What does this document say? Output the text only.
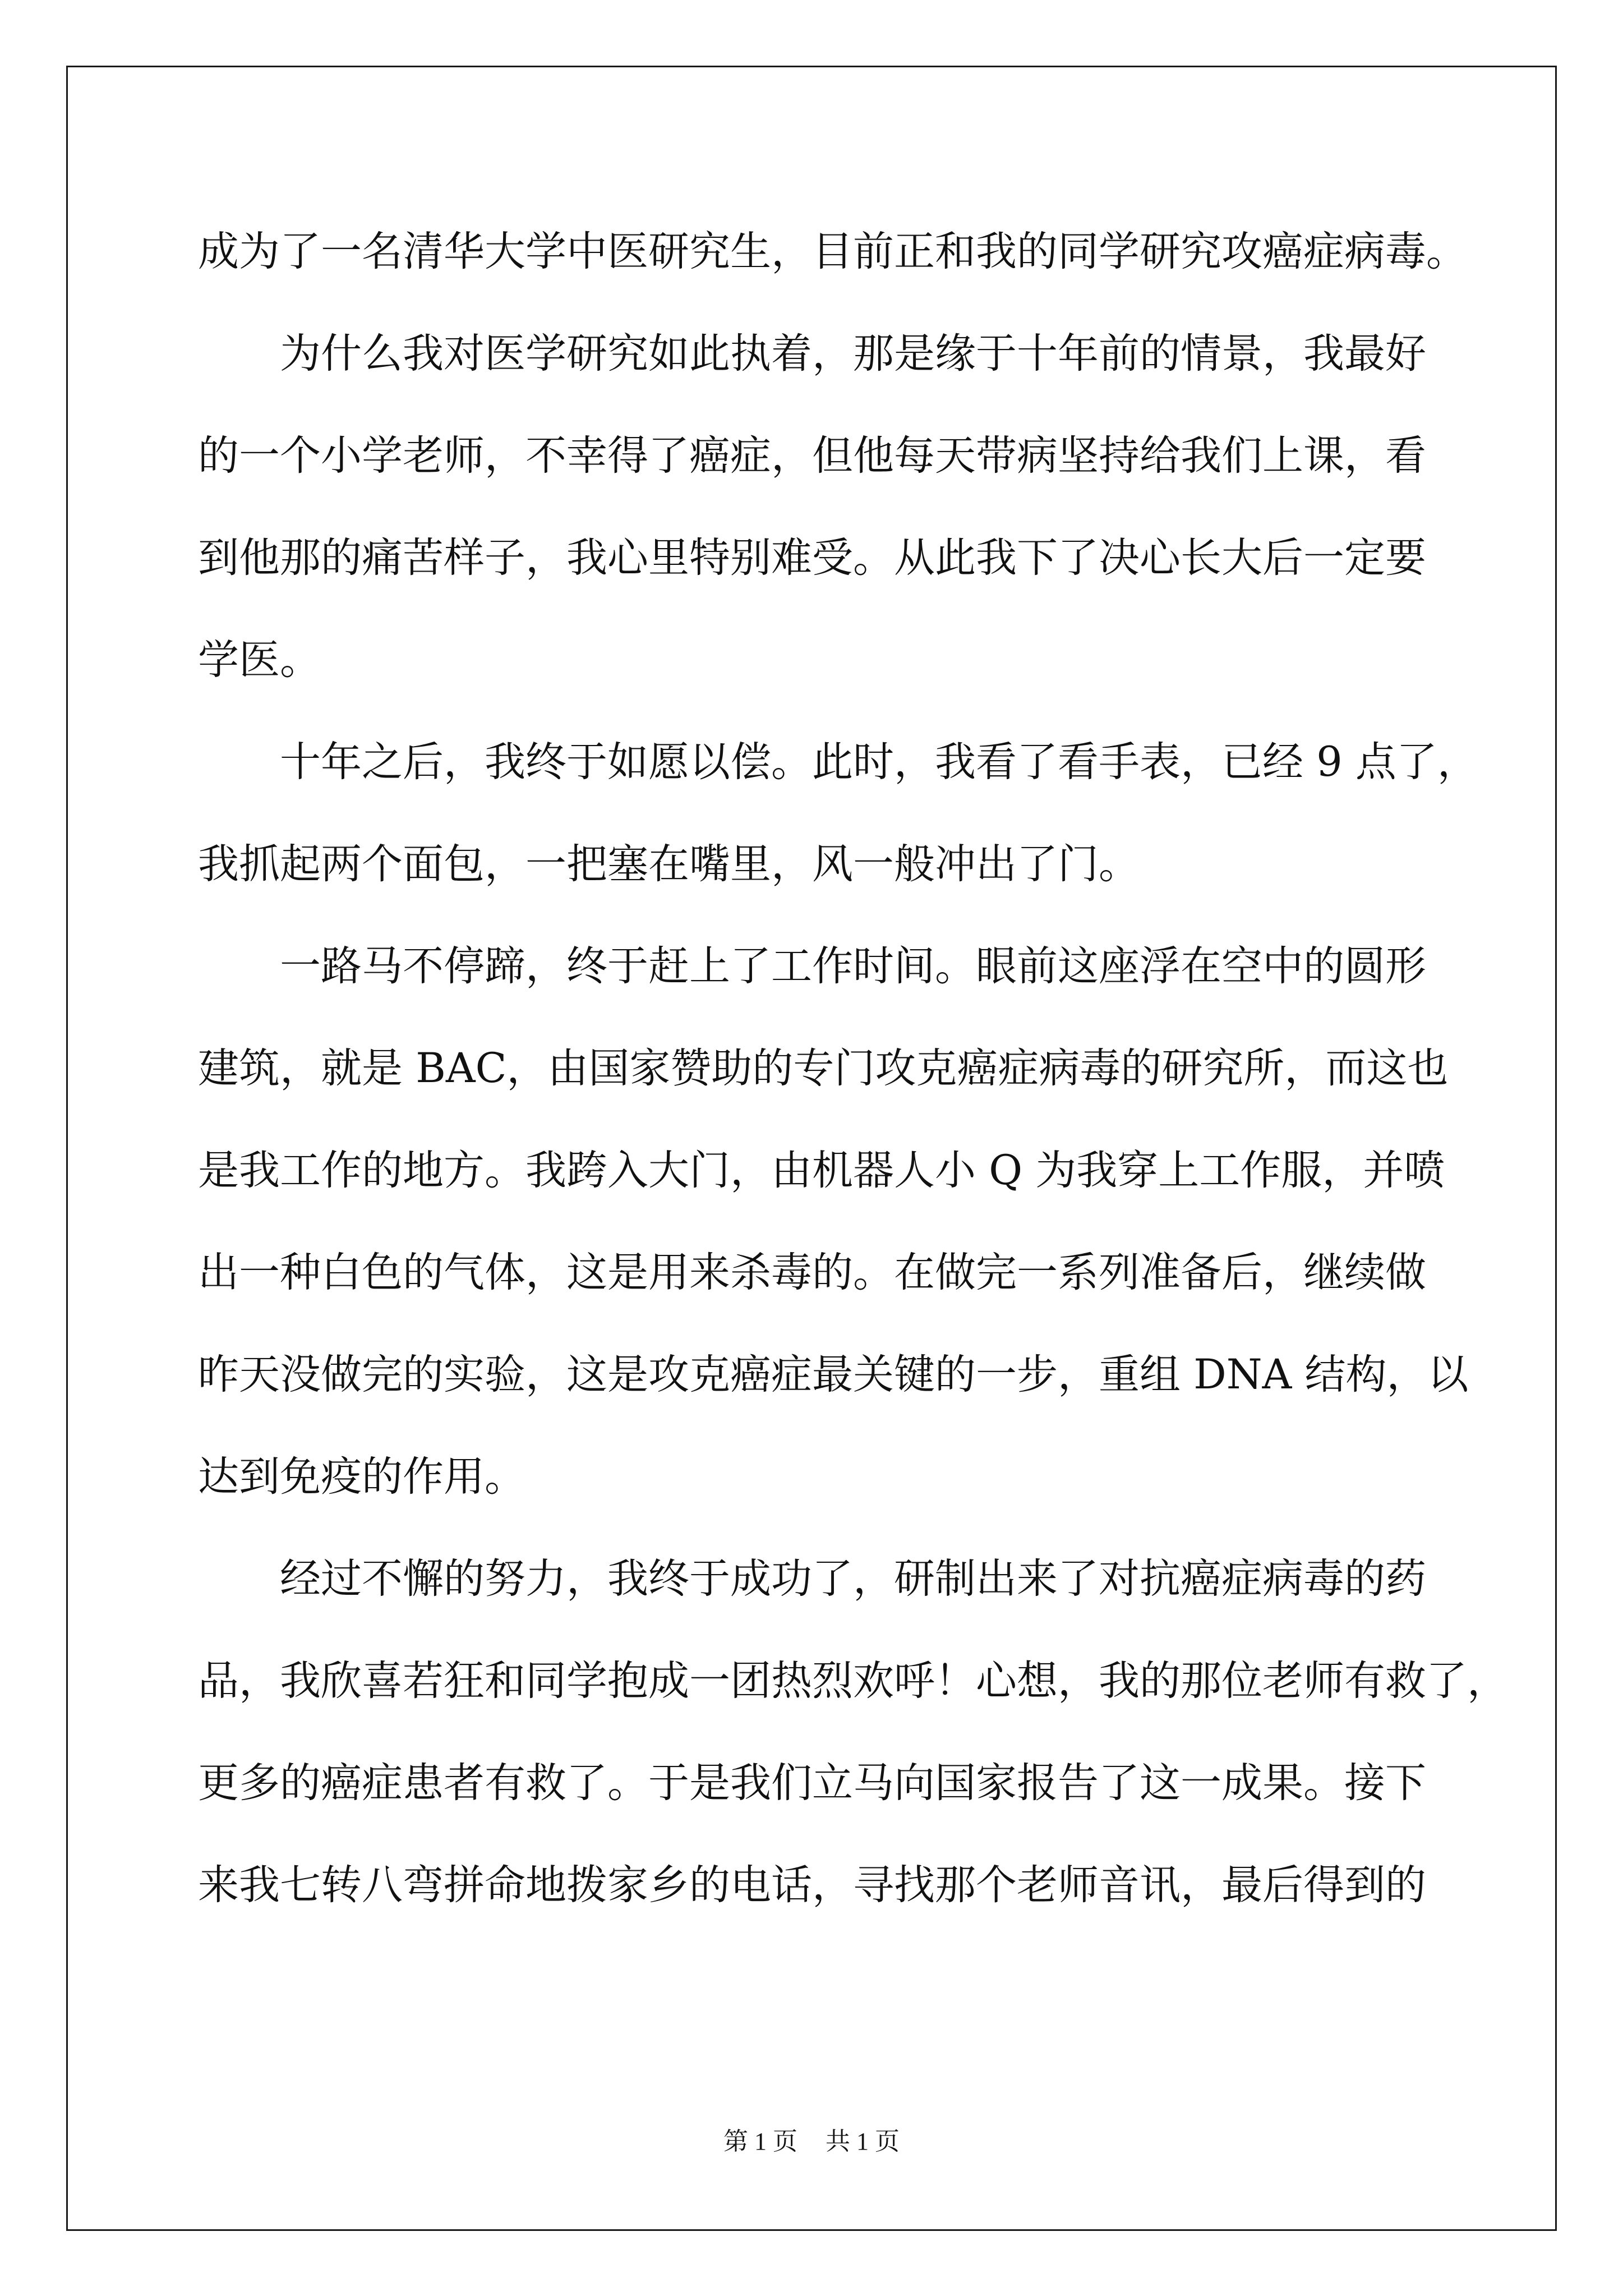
成为了一名清华大学中医研究生，目前正和我的同学研究攻癌症病毒。
为什么我对医学研究如此执着，那是缘于十年前的情景，我最好
的一个小学老师，不幸得了癌症，但他每天带病坚持给我们上课，看
到他那的痛苦样子，我心里特别难受。从此我下了决心长大后一定要
学医。
十年之后，我终于如愿以偿。此时，我看了看手表，已经 9 点了，
我抓起两个面包，一把塞在嘴里，风一般冲出了门。
一路马不停蹄，终于赶上了工作时间。眼前这座浮在空中的圆形
建筑，就是 BAC，由国家赞助的专门攻克癌症病毒的研究所，而这也
是我工作的地方。我跨入大门，由机器人小 Q 为我穿上工作服，并喷
出一种白色的气体，这是用来杀毒的。在做完一系列准备后，继续做
昨天没做完的实验，这是攻克癌症最关键的一步，重组 DNA 结构，以
达到免疫的作用。
经过不懈的努力，我终于成功了，研制出来了对抗癌症病毒的药
品，我欣喜若狂和同学抱成一团热烈欢呼！心想，我的那位老师有救了，
更多的癌症患者有救了。于是我们立马向国家报告了这一成果。接下
来我七转八弯拼命地拨家乡的电话，寻找那个老师音讯，最后得到的
第 1 页 共 1 页
